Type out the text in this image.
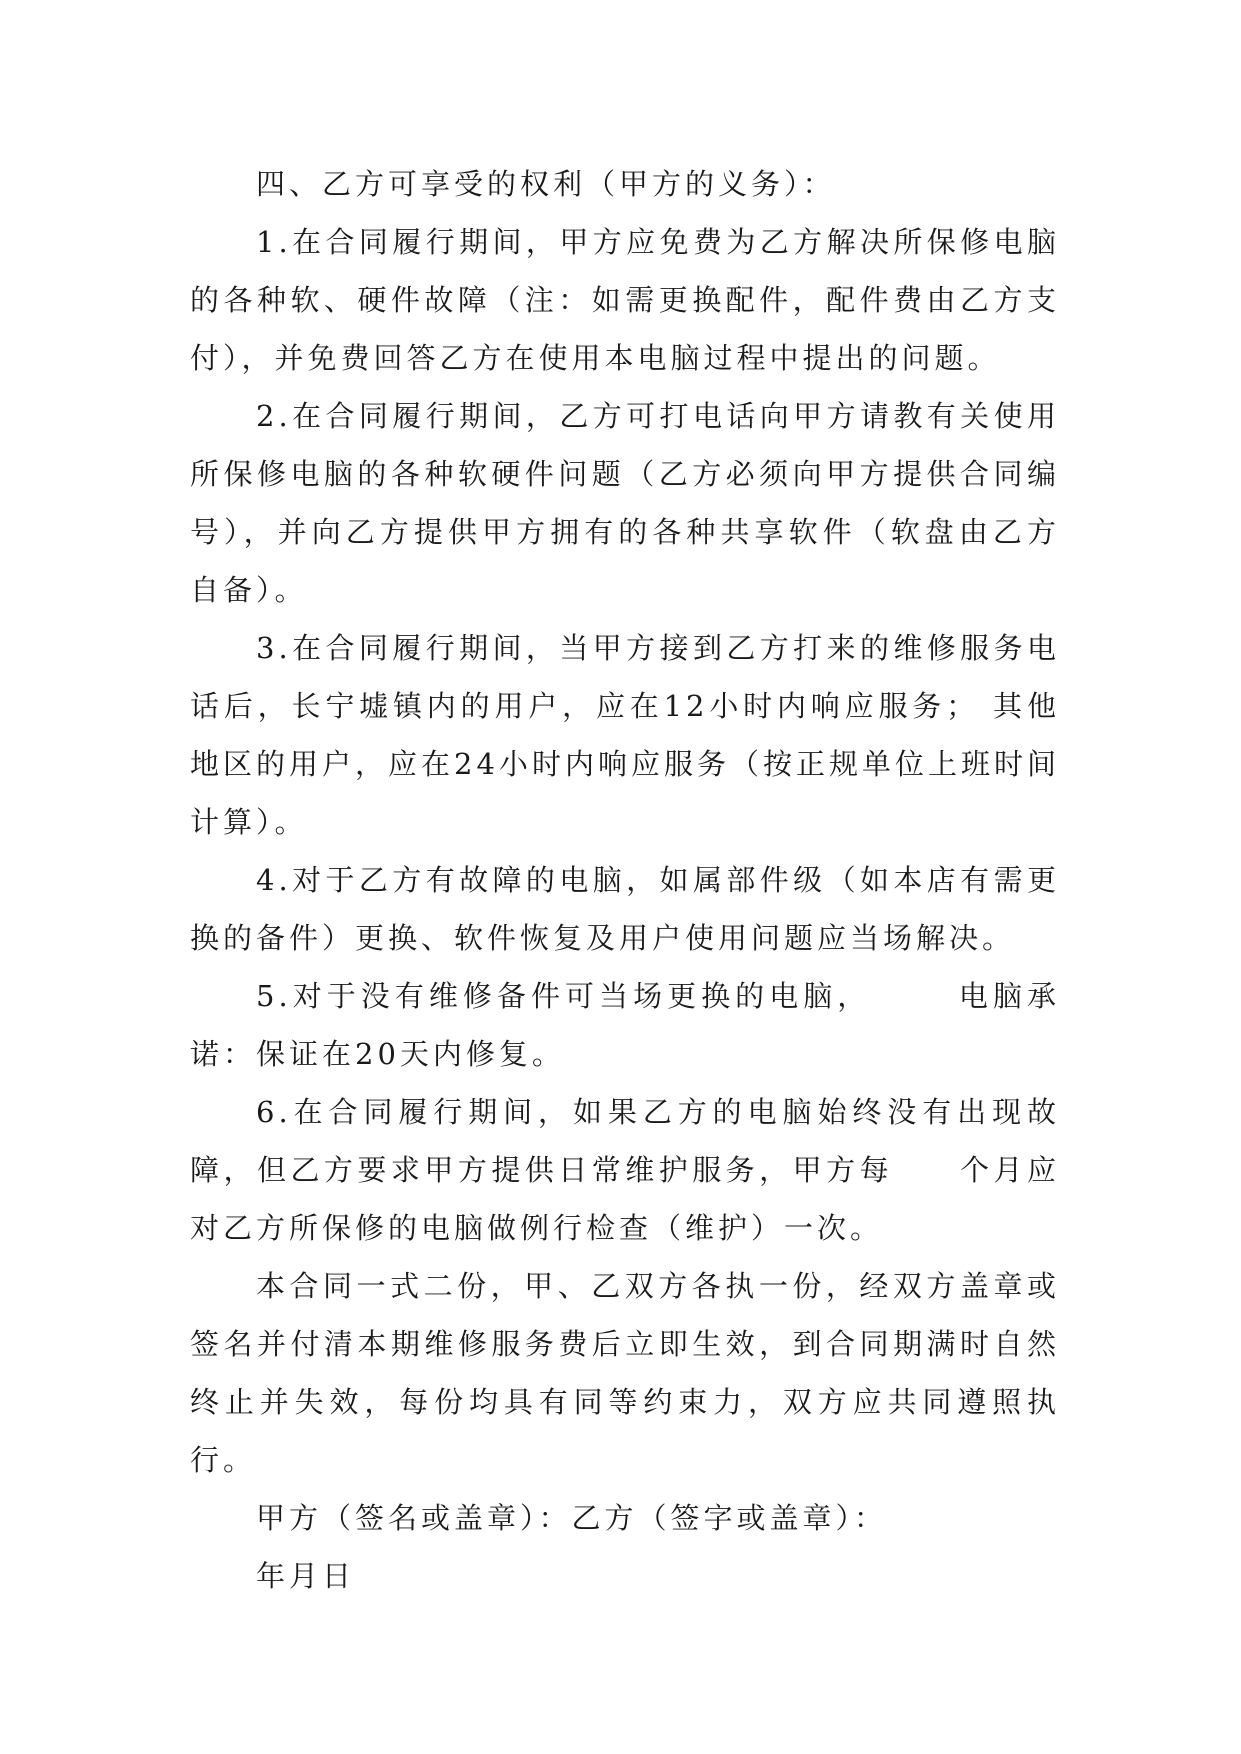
四、乙方可享受的权利（甲方的义务）：

1.在合同履行期间，甲方应免费为乙方解决所保修电脑的各种软、硬件故障（注：如需更换配件，配件费由乙方支付），并免费回答乙方在使用本电脑过程中提出的问题。

2.在合同履行期间，乙方可打电话向甲方请教有关使用所保修电脑的各种软硬件问题（乙方必须向甲方提供合同编号），并向乙方提供甲方拥有的各种共享软件（软盘由乙方自备）。

3.在合同履行期间，当甲方接到乙方打来的维修服务电话后，长宁墟镇内的用户，应在12小时内响应服务； 其他地区的用户，应在24小时内响应服务（按正规单位上班时间计算）。

4.对于乙方有故障的电脑，如属部件级（如本店有需更换的备件）更换、软件恢复及用户使用问题应当场解决。

5.对于没有维修备件可当场更换的电脑，　　　电脑承诺：保证在20天内修复。

6.在合同履行期间，如果乙方的电脑始终没有出现故障，但乙方要求甲方提供日常维护服务，甲方每　　个月应对乙方所保修的电脑做例行检查（维护）一次。

本合同一式二份，甲、乙双方各执一份，经双方盖章或签名并付清本期维修服务费后立即生效，到合同期满时自然终止并失效，每份均具有同等约束力，双方应共同遵照执行。

甲方（签名或盖章）：乙方（签字或盖章）：

年月日
